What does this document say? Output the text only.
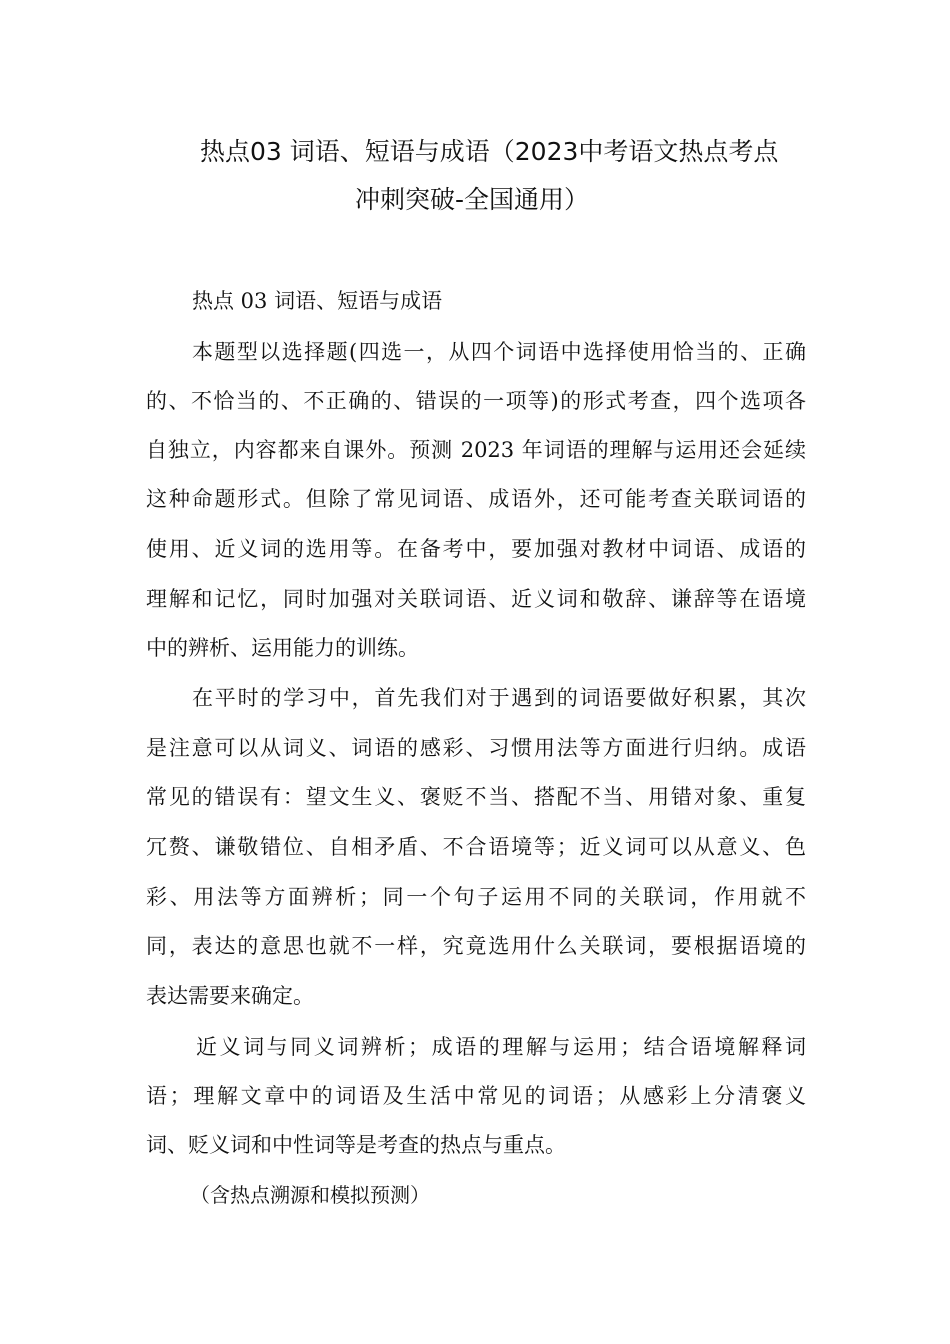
热点03 词语、短语与成语（2023中考语文热点考点
冲刺突破-全国通用）
热点 03 词语、短语与成语
本题型以选择题(四选一，从四个词语中选择使用恰当的、正确
的、不恰当的、不正确的、错误的一项等)的形式考查，四个选项各
自独立，内容都来自课外。预测 2023 年词语的理解与运用还会延续
这种命题形式。但除了常见词语、成语外，还可能考查关联词语的
使用、近义词的选用等。在备考中，要加强对教材中词语、成语的
理解和记忆，同时加强对关联词语、近义词和敬辞、谦辞等在语境
中的辨析、运用能力的训练。
在平时的学习中，首先我们对于遇到的词语要做好积累，其次
是注意可以从词义、词语的感彩、习惯用法等方面进行归纳。成语
常见的错误有：望文生义、褒贬不当、搭配不当、用错对象、重复
冗赘、谦敬错位、自相矛盾、不合语境等；近义词可以从意义、色
彩、用法等方面辨析；同一个句子运用不同的关联词，作用就不
同，表达的意思也就不一样，究竟选用什么关联词，要根据语境的
表达需要来确定。
近义词与同义词辨析；成语的理解与运用；结合语境解释词
语；理解文章中的词语及生活中常见的词语；从感彩上分清褒义
词、贬义词和中性词等是考查的热点与重点。
（含热点溯源和模拟预测）
